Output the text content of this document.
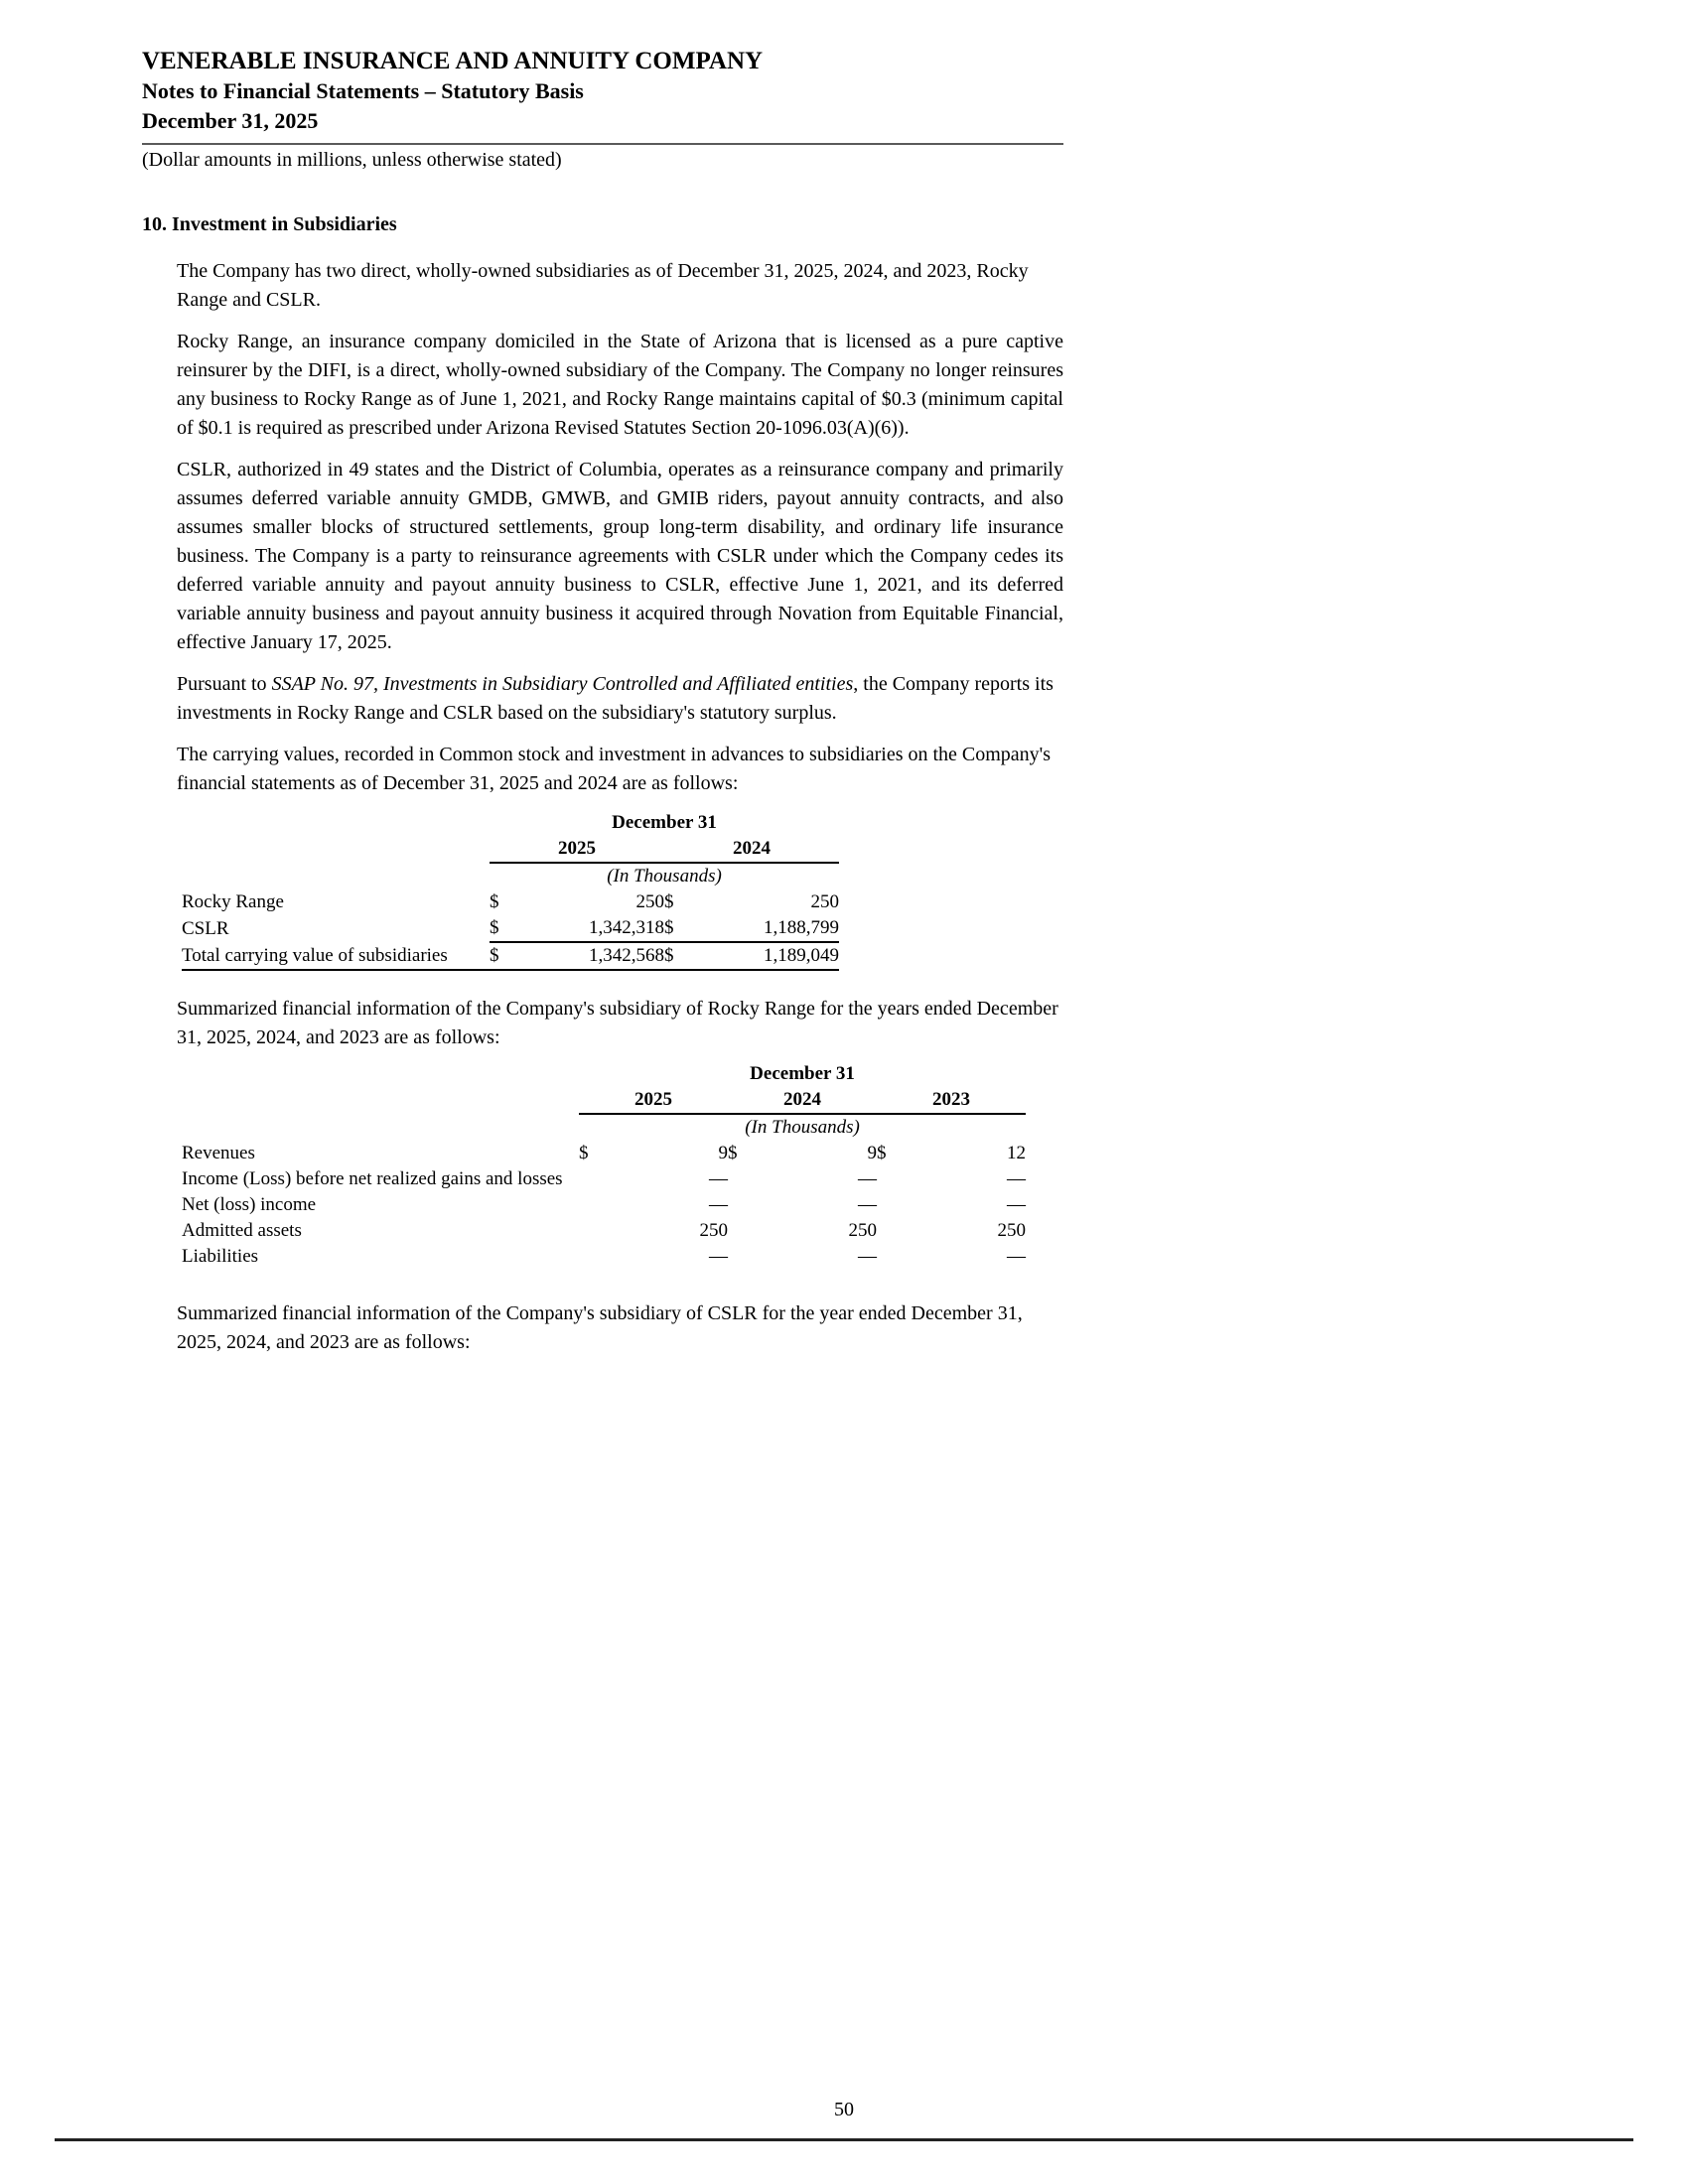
VENERABLE INSURANCE AND ANNUITY COMPANY
Notes to Financial Statements – Statutory Basis
December 31, 2025
(Dollar amounts in millions, unless otherwise stated)
10. Investment in Subsidiaries

The Company has two direct, wholly-owned subsidiaries as of December 31, 2025, 2024, and 2023, Rocky Range and CSLR.

Rocky Range, an insurance company domiciled in the State of Arizona that is licensed as a pure captive reinsurer by the DIFI, is a direct, wholly-owned subsidiary of the Company. The Company no longer reinsures any business to Rocky Range as of June 1, 2021, and Rocky Range maintains capital of $0.3 (minimum capital of $0.1 is required as prescribed under Arizona Revised Statutes Section 20-1096.03(A)(6)).

CSLR, authorized in 49 states and the District of Columbia, operates as a reinsurance company and primarily assumes deferred variable annuity GMDB, GMWB, and GMIB riders, payout annuity contracts, and also assumes smaller blocks of structured settlements, group long-term disability, and ordinary life insurance business. The Company is a party to reinsurance agreements with CSLR under which the Company cedes its deferred variable annuity and payout annuity business to CSLR, effective June 1, 2021, and its deferred variable annuity business and payout annuity business it acquired through Novation from Equitable Financial, effective January 17, 2025.

Pursuant to SSAP No. 97, Investments in Subsidiary Controlled and Affiliated entities, the Company reports its investments in Rocky Range and CSLR based on the subsidiary's statutory surplus.

The carrying values, recorded in Common stock and investment in advances to subsidiaries on the Company's financial statements as of December 31, 2025 and 2024 are as follows:

	December 31			
	2025		2024	
	(In Thousands)			
Rocky Range	$	250	$	250
CSLR	$	1,342,318	$	1,188,799
Total carrying value of subsidiaries	$	1,342,568	$	1,189,049

Summarized financial information of the Company's subsidiary of Rocky Range for the years ended December 31, 2025, 2024, and 2023 are as follows:

	December 31					
	2025		2024		2023	
	(In Thousands)					
Revenues	$	9	$	9	$	12
Income (Loss) before net realized gains and losses		—		—		—
Net (loss) income		—		—		—
Admitted assets		250		250		250
Liabilities		—		—		—

Summarized financial information of the Company's subsidiary of CSLR for the year ended December 31, 2025, 2024, and 2023 are as follows:

50
